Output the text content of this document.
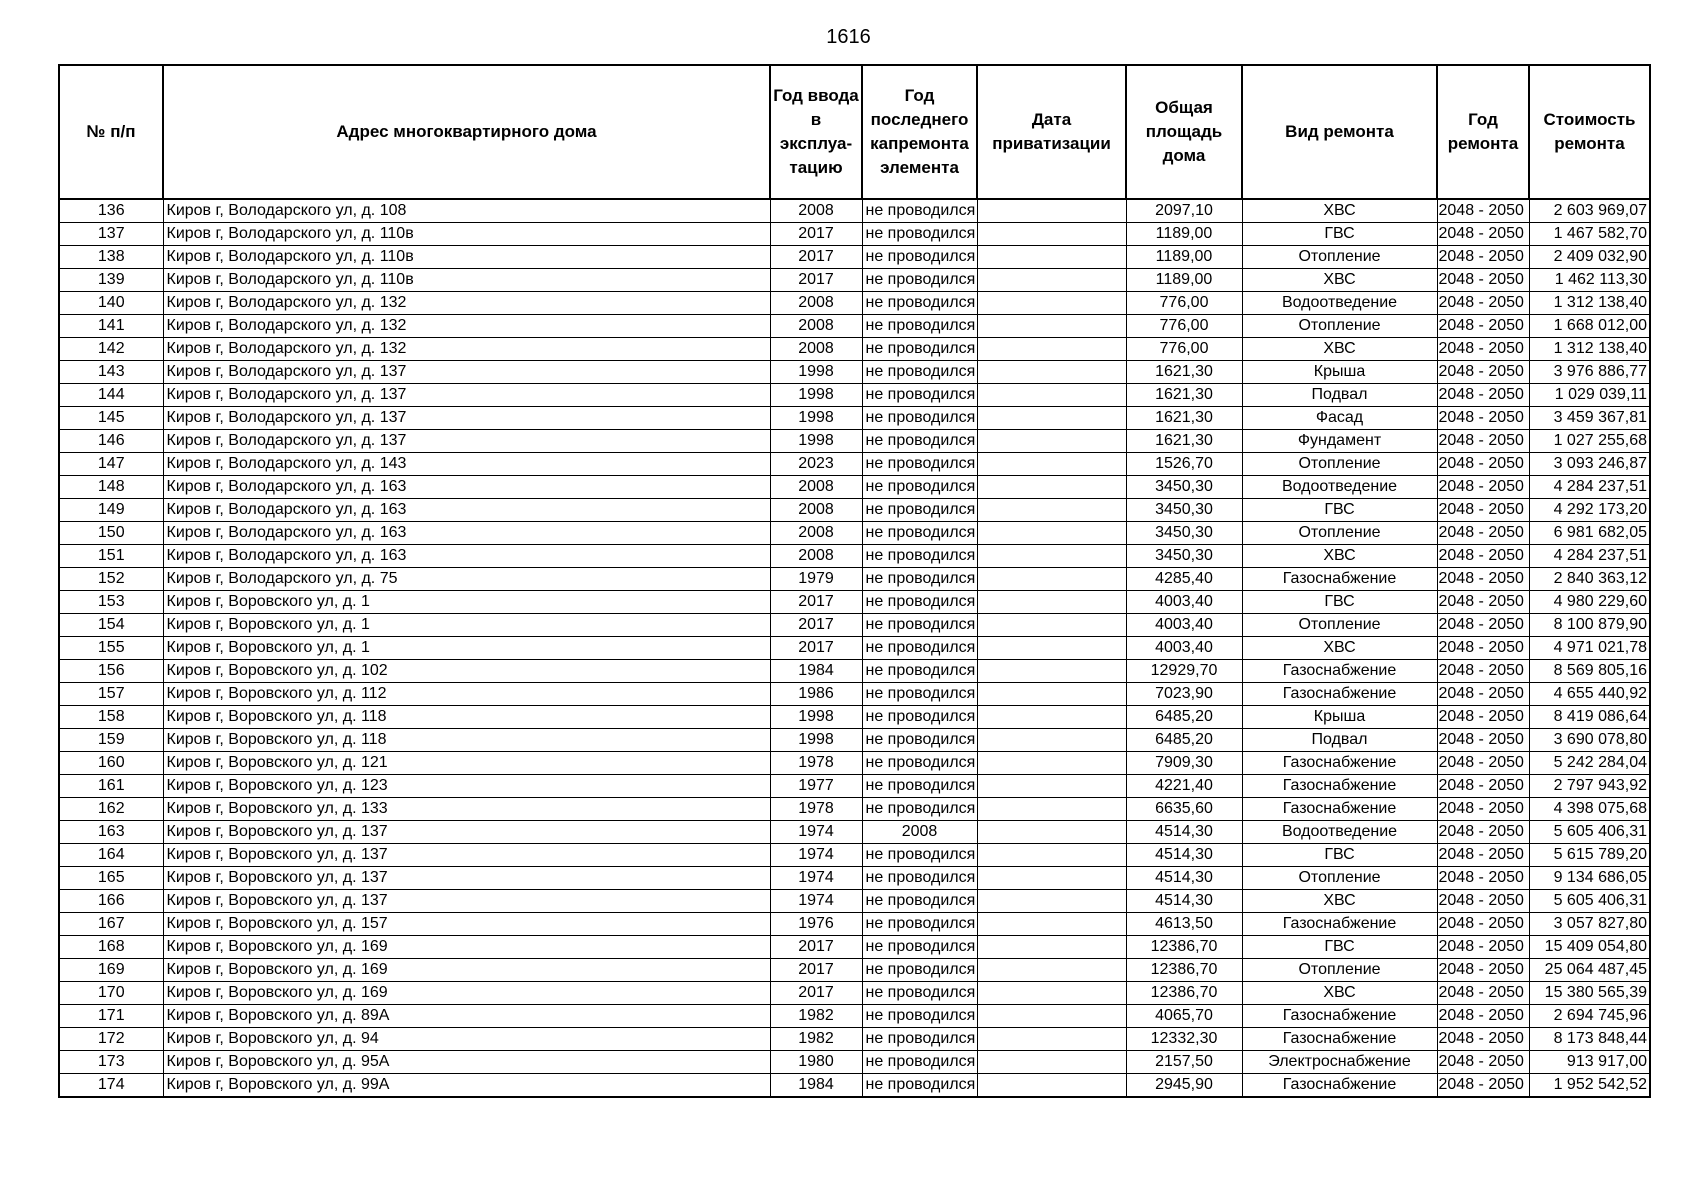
1616
№ п/п	Адрес многоквартирного дома	Год ввода в эксплуа-тацию	Год последнего капремонта элемента	Дата приватизации	Общая площадь дома	Вид ремонта	Год ремонта	Стоимость ремонта
136	Киров г, Володарского ул, д. 108	2008	не проводился		2097,10	ХВС	2048 - 2050	2 603 969,07
137	Киров г, Володарского ул, д. 110в	2017	не проводился		1189,00	ГВС	2048 - 2050	1 467 582,70
138	Киров г, Володарского ул, д. 110в	2017	не проводился		1189,00	Отопление	2048 - 2050	2 409 032,90
139	Киров г, Володарского ул, д. 110в	2017	не проводился		1189,00	ХВС	2048 - 2050	1 462 113,30
140	Киров г, Володарского ул, д. 132	2008	не проводился		776,00	Водоотведение	2048 - 2050	1 312 138,40
141	Киров г, Володарского ул, д. 132	2008	не проводился		776,00	Отопление	2048 - 2050	1 668 012,00
142	Киров г, Володарского ул, д. 132	2008	не проводился		776,00	ХВС	2048 - 2050	1 312 138,40
143	Киров г, Володарского ул, д. 137	1998	не проводился		1621,30	Крыша	2048 - 2050	3 976 886,77
144	Киров г, Володарского ул, д. 137	1998	не проводился		1621,30	Подвал	2048 - 2050	1 029 039,11
145	Киров г, Володарского ул, д. 137	1998	не проводился		1621,30	Фасад	2048 - 2050	3 459 367,81
146	Киров г, Володарского ул, д. 137	1998	не проводился		1621,30	Фундамент	2048 - 2050	1 027 255,68
147	Киров г, Володарского ул, д. 143	2023	не проводился		1526,70	Отопление	2048 - 2050	3 093 246,87
148	Киров г, Володарского ул, д. 163	2008	не проводился		3450,30	Водоотведение	2048 - 2050	4 284 237,51
149	Киров г, Володарского ул, д. 163	2008	не проводился		3450,30	ГВС	2048 - 2050	4 292 173,20
150	Киров г, Володарского ул, д. 163	2008	не проводился		3450,30	Отопление	2048 - 2050	6 981 682,05
151	Киров г, Володарского ул, д. 163	2008	не проводился		3450,30	ХВС	2048 - 2050	4 284 237,51
152	Киров г, Володарского ул, д. 75	1979	не проводился		4285,40	Газоснабжение	2048 - 2050	2 840 363,12
153	Киров г, Воровского ул, д. 1	2017	не проводился		4003,40	ГВС	2048 - 2050	4 980 229,60
154	Киров г, Воровского ул, д. 1	2017	не проводился		4003,40	Отопление	2048 - 2050	8 100 879,90
155	Киров г, Воровского ул, д. 1	2017	не проводился		4003,40	ХВС	2048 - 2050	4 971 021,78
156	Киров г, Воровского ул, д. 102	1984	не проводился		12929,70	Газоснабжение	2048 - 2050	8 569 805,16
157	Киров г, Воровского ул, д. 112	1986	не проводился		7023,90	Газоснабжение	2048 - 2050	4 655 440,92
158	Киров г, Воровского ул, д. 118	1998	не проводился		6485,20	Крыша	2048 - 2050	8 419 086,64
159	Киров г, Воровского ул, д. 118	1998	не проводился		6485,20	Подвал	2048 - 2050	3 690 078,80
160	Киров г, Воровского ул, д. 121	1978	не проводился		7909,30	Газоснабжение	2048 - 2050	5 242 284,04
161	Киров г, Воровского ул, д. 123	1977	не проводился		4221,40	Газоснабжение	2048 - 2050	2 797 943,92
162	Киров г, Воровского ул, д. 133	1978	не проводился		6635,60	Газоснабжение	2048 - 2050	4 398 075,68
163	Киров г, Воровского ул, д. 137	1974	2008		4514,30	Водоотведение	2048 - 2050	5 605 406,31
164	Киров г, Воровского ул, д. 137	1974	не проводился		4514,30	ГВС	2048 - 2050	5 615 789,20
165	Киров г, Воровского ул, д. 137	1974	не проводился		4514,30	Отопление	2048 - 2050	9 134 686,05
166	Киров г, Воровского ул, д. 137	1974	не проводился		4514,30	ХВС	2048 - 2050	5 605 406,31
167	Киров г, Воровского ул, д. 157	1976	не проводился		4613,50	Газоснабжение	2048 - 2050	3 057 827,80
168	Киров г, Воровского ул, д. 169	2017	не проводился		12386,70	ГВС	2048 - 2050	15 409 054,80
169	Киров г, Воровского ул, д. 169	2017	не проводился		12386,70	Отопление	2048 - 2050	25 064 487,45
170	Киров г, Воровского ул, д. 169	2017	не проводился		12386,70	ХВС	2048 - 2050	15 380 565,39
171	Киров г, Воровского ул, д. 89А	1982	не проводился		4065,70	Газоснабжение	2048 - 2050	2 694 745,96
172	Киров г, Воровского ул, д. 94	1982	не проводился		12332,30	Газоснабжение	2048 - 2050	8 173 848,44
173	Киров г, Воровского ул, д. 95А	1980	не проводился		2157,50	Электроснабжение	2048 - 2050	913 917,00
174	Киров г, Воровского ул, д. 99А	1984	не проводился		2945,90	Газоснабжение	2048 - 2050	1 952 542,52
